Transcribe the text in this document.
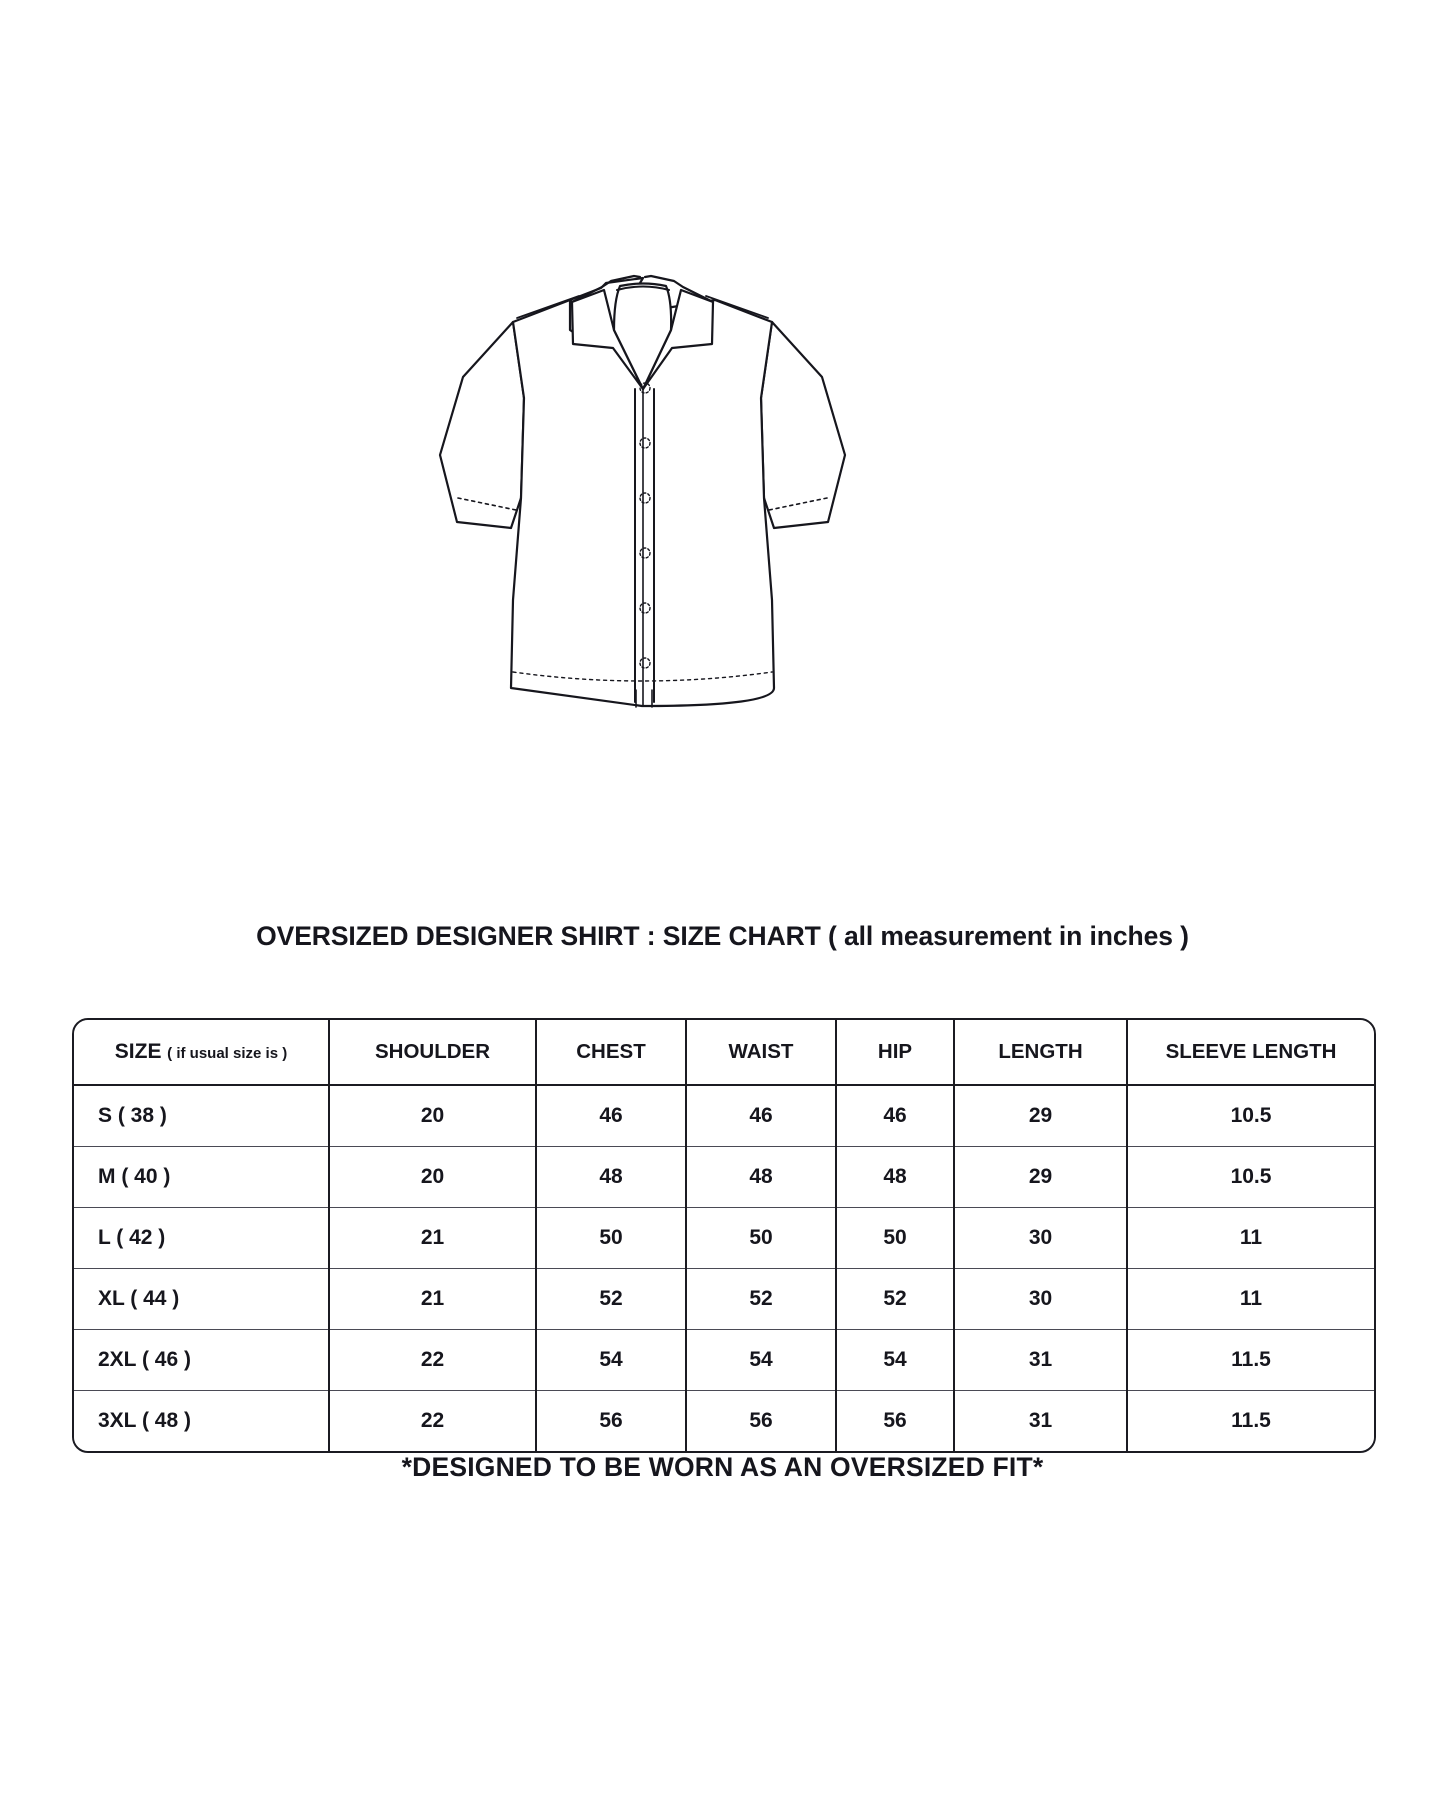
OVERSIZED DESIGNER SHIRT : SIZE CHART ( all measurement in inches )
SIZE ( if usual size is )	SHOULDER	CHEST	WAIST	HIP	LENGTH	SLEEVE LENGTH
S ( 38 )	20	46	46	46	29	10.5
M ( 40 )	20	48	48	48	29	10.5
L ( 42 )	21	50	50	50	30	11
XL ( 44 )	21	52	52	52	30	11
2XL ( 46 )	22	54	54	54	31	11.5
3XL ( 48 )	22	56	56	56	31	11.5
*DESIGNED TO BE WORN AS AN OVERSIZED FIT*
